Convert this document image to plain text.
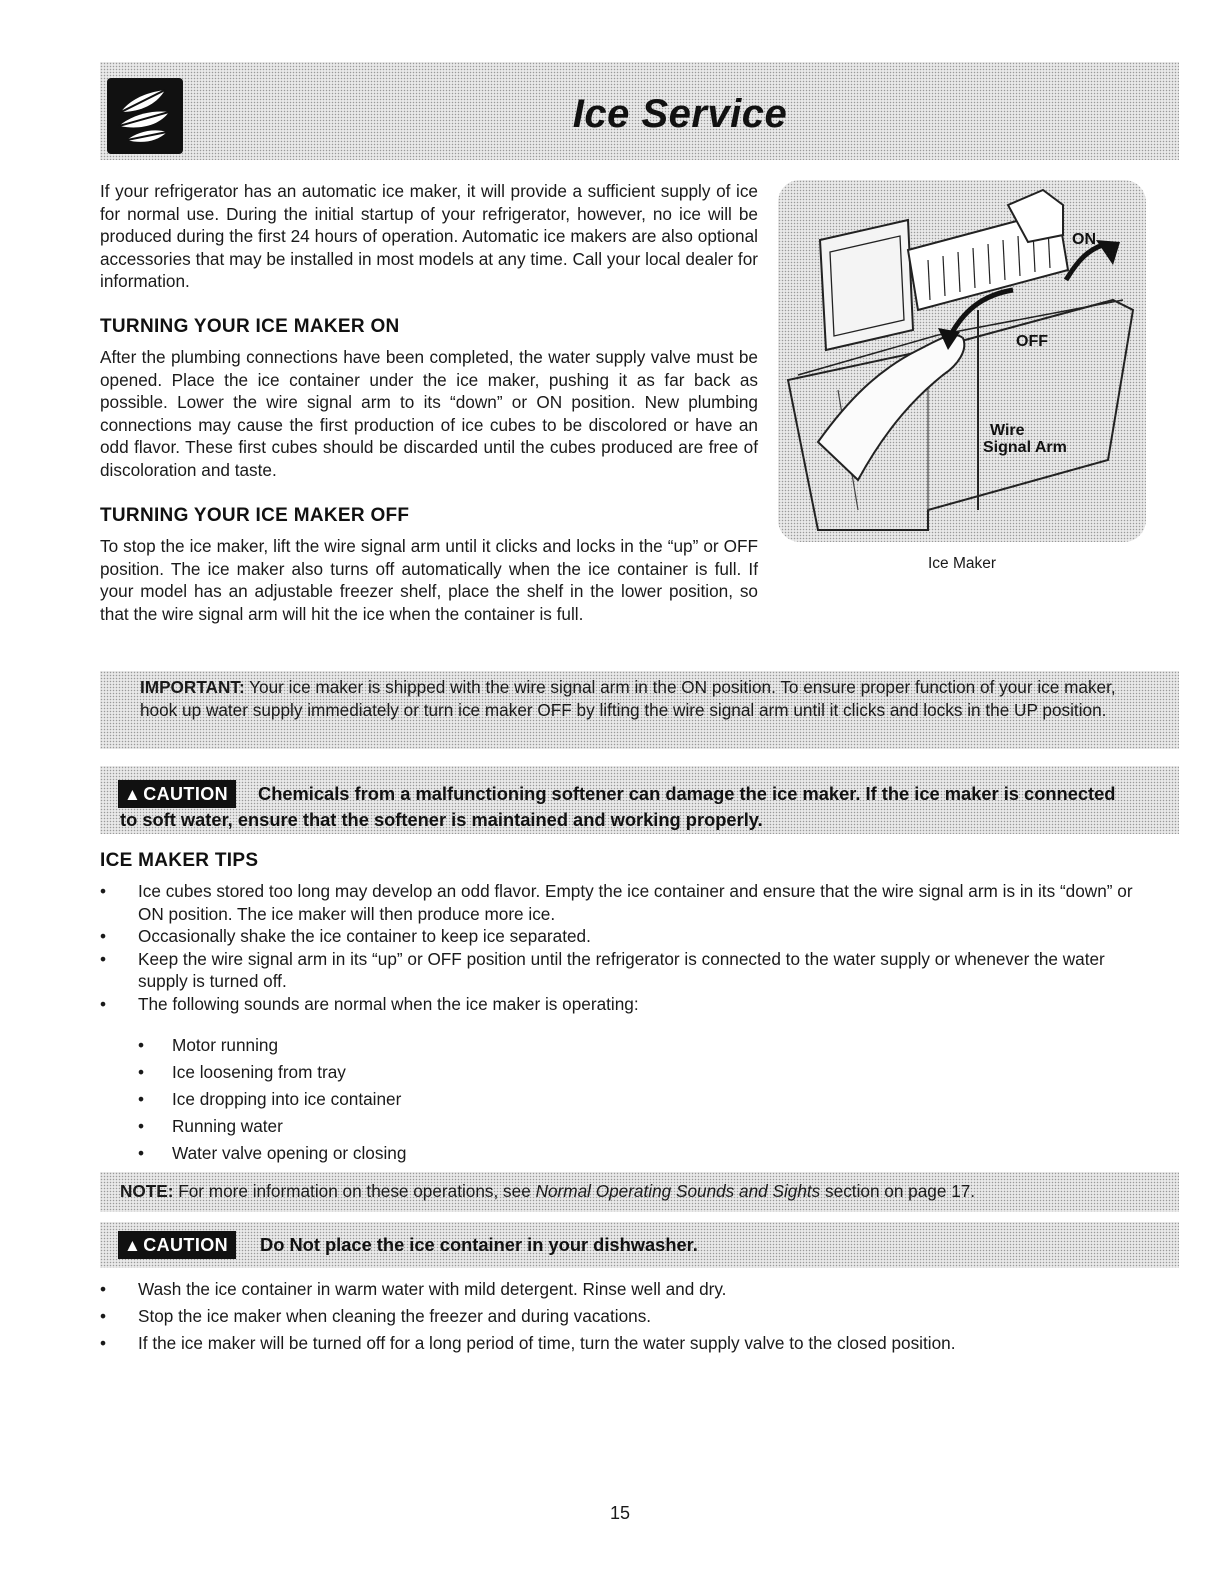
Ice Service

If your refrigerator has an automatic ice maker, it will provide a sufficient supply of ice for normal use. During the initial startup of your refrigerator, however, no ice will be produced during the first 24 hours of operation. Automatic ice makers are also optional accessories that may be installed in most models at any time. Call your local dealer for information.

TURNING YOUR ICE MAKER ON

After the plumbing connections have been completed, the water supply valve must be opened. Place the ice container under the ice maker, pushing it as far back as possible. Lower the wire signal arm to its “down” or ON position. New plumbing connections may cause the first production of ice cubes to be discolored or have an odd flavor. These first cubes should be discarded until the cubes produced are free of discoloration and taste.

TURNING YOUR ICE MAKER OFF

To stop the ice maker, lift the wire signal arm until it clicks and locks in the “up” or OFF position. The ice maker also turns off automatically when the ice container is full. If your model has an adjustable freezer shelf, place the shelf in the lower position, so that the wire signal arm will hit the ice when the container is full.

ON
OFF
Wire
Signal Arm
Ice Maker
IMPORTANT: Your ice maker is shipped with the wire signal arm in the ON position. To ensure proper function of your ice maker, hook up water supply immediately or turn ice maker OFF by lifting the wire signal arm until it clicks and locks in the UP position.
▲ CAUTION	Chemicals from a malfunctioning softener can damage the ice maker. If the ice maker is connected
to soft water, ensure that the softener is maintained and working properly.

ICE MAKER TIPS

• Ice cubes stored too long may develop an odd flavor. Empty the ice container and ensure that the wire signal arm is in its “down” or ON position. The ice maker will then produce more ice.
• Occasionally shake the ice container to keep ice separated.
• Keep the wire signal arm in its “up” or OFF position until the refrigerator is connected to the water supply or whenever the water supply is turned off.
• The following sounds are normal when the ice maker is operating:
• Motor running
• Ice loosening from tray
• Ice dropping into ice container
• Running water
• Water valve opening or closing
NOTE: For more information on these operations, see Normal Operating Sounds and Sights section on page 17.
▲ CAUTION	Do Not place the ice container in your dishwasher.
• Wash the ice container in warm water with mild detergent. Rinse well and dry.
• Stop the ice maker when cleaning the freezer and during vacations.
• If the ice maker will be turned off for a long period of time, turn the water supply valve to the closed position.
15
